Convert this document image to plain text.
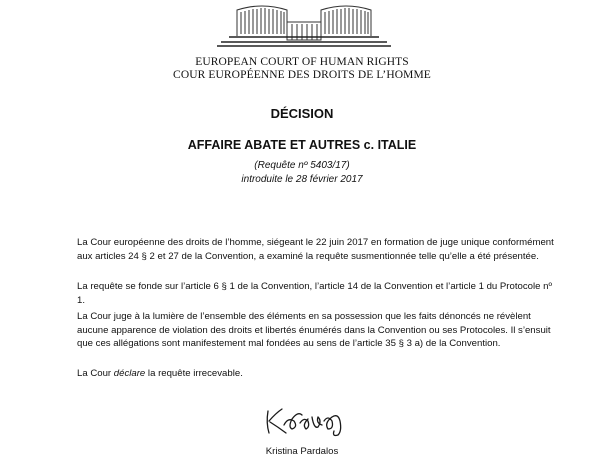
EUROPEAN COURT OF HUMAN RIGHTS
COUR EUROPÉENNE DES DROITS DE L’HOMME
DÉCISION
AFFAIRE ABATE ET AUTRES c. ITALIE
(Requête nº 5403/17)
introduite le 28 février 2017

La Cour européenne des droits de l’homme, siégeant le 22 juin 2017 en formation de juge unique conformément aux articles 24 § 2 et 27 de la Convention, a examiné la requête susmentionnée telle qu’elle a été présentée.

La requête se fonde sur l’article 6 § 1 de la Convention, l’article 14 de la Convention et l’article 1 du Protocole nº 1.

La Cour juge à la lumière de l’ensemble des éléments en sa possession que les faits dénoncés ne révèlent aucune apparence de violation des droits et libertés énumérés dans la Convention ou ses Protocoles. Il s’ensuit que ces allégations sont manifestement mal fondées au sens de l’article 35 § 3 a) de la Convention.

La Cour déclare la requête irrecevable.

Kristina Pardalos
